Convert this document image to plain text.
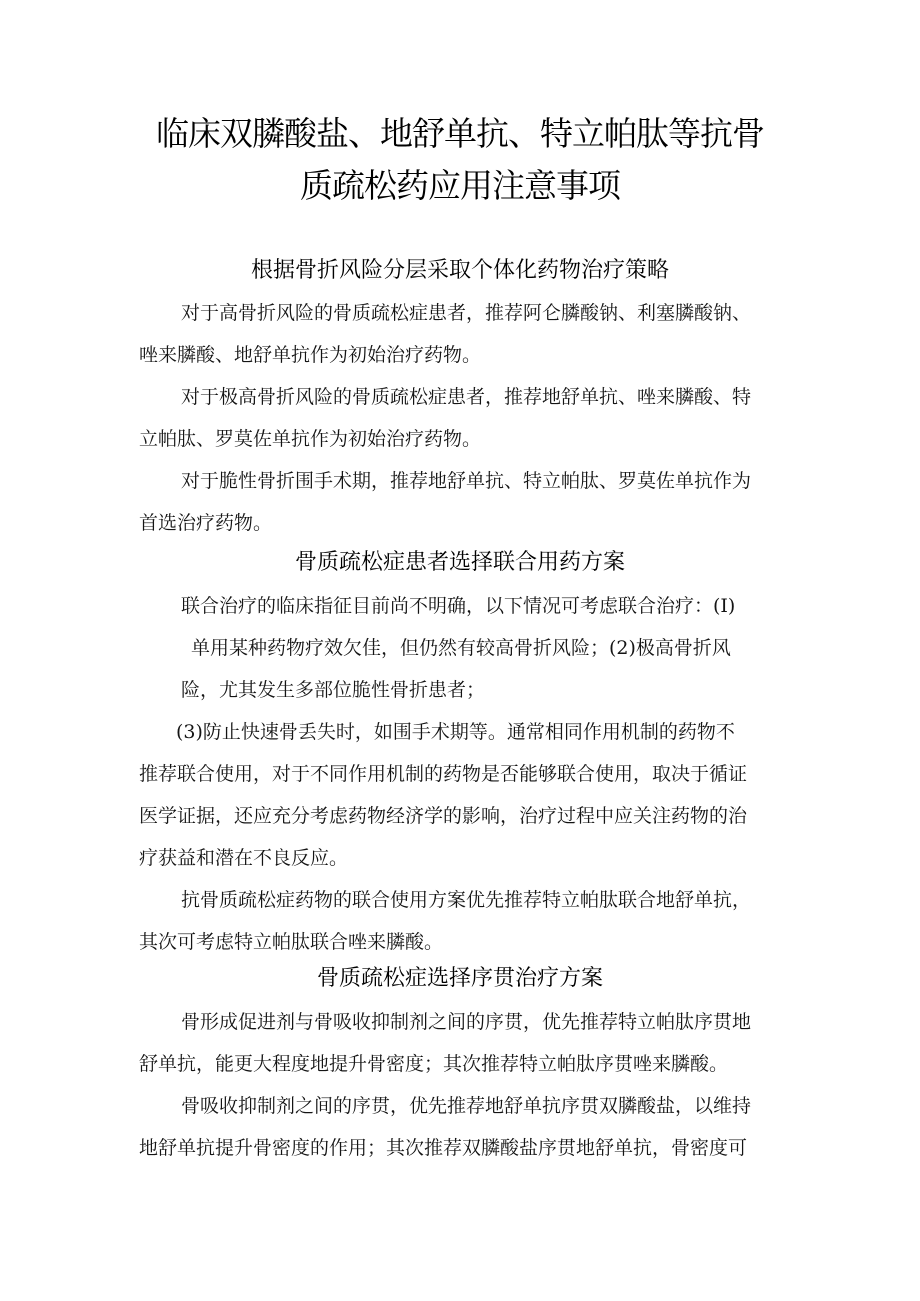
临床双膦酸盐、地舒单抗、特立帕肽等抗骨
质疏松药应用注意事项
根据骨折风险分层采取个体化药物治疗策略
对于高骨折风险的骨质疏松症患者，推荐阿仑膦酸钠、利塞膦酸钠、
唑来膦酸、地舒单抗作为初始治疗药物。
对于极高骨折风险的骨质疏松症患者，推荐地舒单抗、唑来膦酸、特
立帕肽、罗莫佐单抗作为初始治疗药物。
对于脆性骨折围手术期，推荐地舒单抗、特立帕肽、罗莫佐单抗作为
首选治疗药物。
骨质疏松症患者选择联合用药方案
联合治疗的临床指征目前尚不明确，以下情况可考虑联合治疗：(I)
单用某种药物疗效欠佳，但仍然有较高骨折风险；(2)极高骨折风
险，尤其发生多部位脆性骨折患者；
(3)防止快速骨丢失时，如围手术期等。通常相同作用机制的药物不
推荐联合使用，对于不同作用机制的药物是否能够联合使用，取决于循证
医学证据，还应充分考虑药物经济学的影响，治疗过程中应关注药物的治
疗获益和潜在不良反应。
抗骨质疏松症药物的联合使用方案优先推荐特立帕肽联合地舒单抗，
其次可考虑特立帕肽联合唑来膦酸。
骨质疏松症选择序贯治疗方案
骨形成促进剂与骨吸收抑制剂之间的序贯，优先推荐特立帕肽序贯地
舒单抗，能更大程度地提升骨密度；其次推荐特立帕肽序贯唑来膦酸。
骨吸收抑制剂之间的序贯，优先推荐地舒单抗序贯双膦酸盐，以维持
地舒单抗提升骨密度的作用；其次推荐双膦酸盐序贯地舒单抗，骨密度可
